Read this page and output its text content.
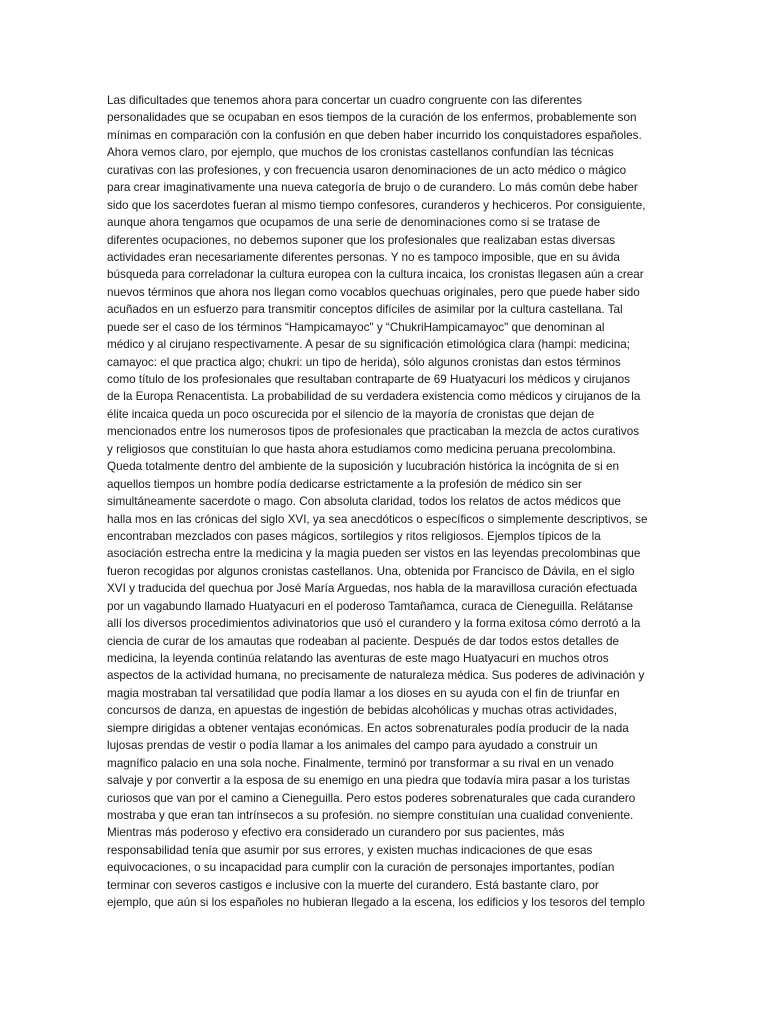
Las dificultades que tenemos ahora para concertar un cuadro congruente con las diferentes
personalidades que se ocupaban en esos tiempos de la curación de los enfermos, probablemente son
mínimas en comparación con la confusión en que deben haber incurrido los conquistadores españoles.
Ahora vemos claro, por ejemplo, que muchos de los cronistas castellanos confundían las técnicas
curativas con las profesiones, y con frecuencia usaron denominaciones de un acto médico o mágico
para crear imaginativamente una nueva categoría de brujo o de curandero. Lo más común debe haber
sido que los sacerdotes fueran al mismo tiempo confesores, curanderos y hechiceros. Por consiguiente,
aunque ahora tengamos que ocupamos de una serie de denominaciones como si se tratase de
diferentes ocupaciones, no debemos suponer que los profesionales que realizaban estas diversas
actividades eran necesariamente diferentes personas. Y no es tampoco imposible, que en su ávida
búsqueda para correladonar la cultura europea con la cultura incaica, los cronistas llegasen aún a crear
nuevos términos que ahora nos llegan como vocablos quechuas originales, pero que puede haber sido
acuñados en un esfuerzo para transmitir conceptos difíciles de asimilar por la cultura castellana. Tal
puede ser el caso de los términos “Hampicamayoc" y “ChukriHampicamayoc" que denominan al
médico y al cirujano respectivamente. A pesar de su significación etimológica clara (hampi: medicina;
camayoc: el que practica algo; chukri: un tipo de herida), sólo algunos cronistas dan estos términos
como título de los profesionales que resultaban contraparte de 69 Huatyacuri los médicos y cirujanos
de la Europa Renacentista. La probabilidad de su verdadera existencia como médicos y cirujanos de la
élite incaica queda un poco oscurecida por el silencio de la mayoría de cronistas que dejan de
mencionados entre los numerosos tipos de profesionales que practicaban la mezcla de actos curativos
y religiosos que constituían lo que hasta ahora estudiamos como medicina peruana precolombina.
Queda totalmente dentro del ambiente de la suposición y lucubración histórica la incógnita de si en
aquellos tiempos un hombre podía dedicarse estrictamente a la profesión de médico sin ser
simultáneamente sacerdote o mago. Con absoluta claridad, todos los relatos de actos médicos que
halla mos en las crónicas del siglo XVI, ya sea anecdóticos o específicos o simplemente descriptivos, se
encontraban mezclados con pases mágicos, sortilegios y ritos religiosos. Ejemplos típicos de la
asociación estrecha entre la medicina y la magia pueden ser vistos en las leyendas precolombinas que
fueron recogidas por algunos cronistas castellanos. Una, obtenida por Francisco de Dávila, en el siglo
XVI y traducida del quechua por José María Arguedas, nos habla de la maravillosa curación efectuada
por un vagabundo llamado Huatyacuri en el poderoso Tamtañamca, curaca de Cieneguilla. Relátanse
allí los diversos procedimientos adivinatorios que usó el curandero y la forma exitosa cómo derrotó a la
ciencia de curar de los amautas que rodeaban al paciente. Después de dar todos estos detalles de
medicina, la leyenda continúa relatando las aventuras de este mago Huatyacuri en muchos otros
aspectos de la actividad humana, no precisamente de naturaleza médica. Sus poderes de adivinación y
magia mostraban tal versatilidad que podía llamar a los dioses en su ayuda con el fin de triunfar en
concursos de danza, en apuestas de ingestión de bebidas alcohólicas y muchas otras actividades,
siempre dirigidas a obtener ventajas económicas. En actos sobrenaturales podía producir de la nada
lujosas prendas de vestir o podía llamar a los animales del campo para ayudado a construir un
magnífico palacio en una sola noche. Finalmente, terminó por transformar a su rival en un venado
salvaje y por convertir a la esposa de su enemigo en una piedra que todavía mira pasar a los turistas
curiosos que van por el camino a Cieneguilla. Pero estos poderes sobrenaturales que cada curandero
mostraba y que eran tan intrínsecos a su profesión. no siempre constituían una cualidad conveniente.
Mientras más poderoso y efectivo era considerado un curandero por sus pacientes, más
responsabilidad tenía que asumir por sus errores, y existen muchas indicaciones de que esas
equivocaciones, o su incapacidad para cumplir con la curación de personajes importantes, podían
terminar con severos castigos e inclusive con la muerte del curandero. Está bastante claro, por
ejemplo, que aún si los españoles no hubieran llegado a la escena, los edificios y los tesoros del templo
